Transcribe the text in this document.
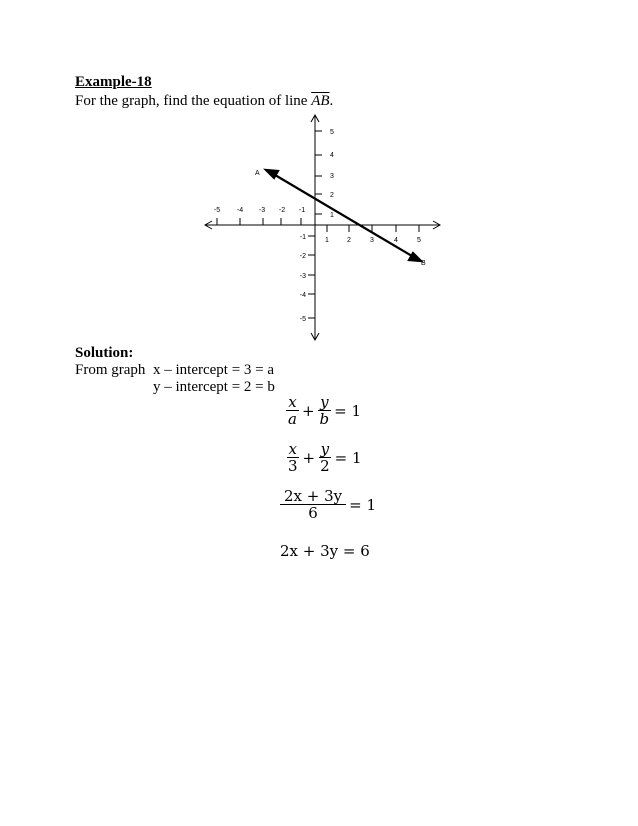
Example-18
For the graph, find the equation of line $\overline{AB}$.
A
B
-5 -4 -3 -2 -1
1	2	3	4	5
5
4
3
2
1
-1
-2
-3
-4
-5
Solution:
From graph x – intercept = 3 = a
y – intercept = 2 = b
$\frac{x}{a} + \frac{y}{b} = 1$
$\frac{x}{3} + \frac{y}{2} = 1$
$\frac{2x + 3y}{6} = 1$
2x + 3y = 6
